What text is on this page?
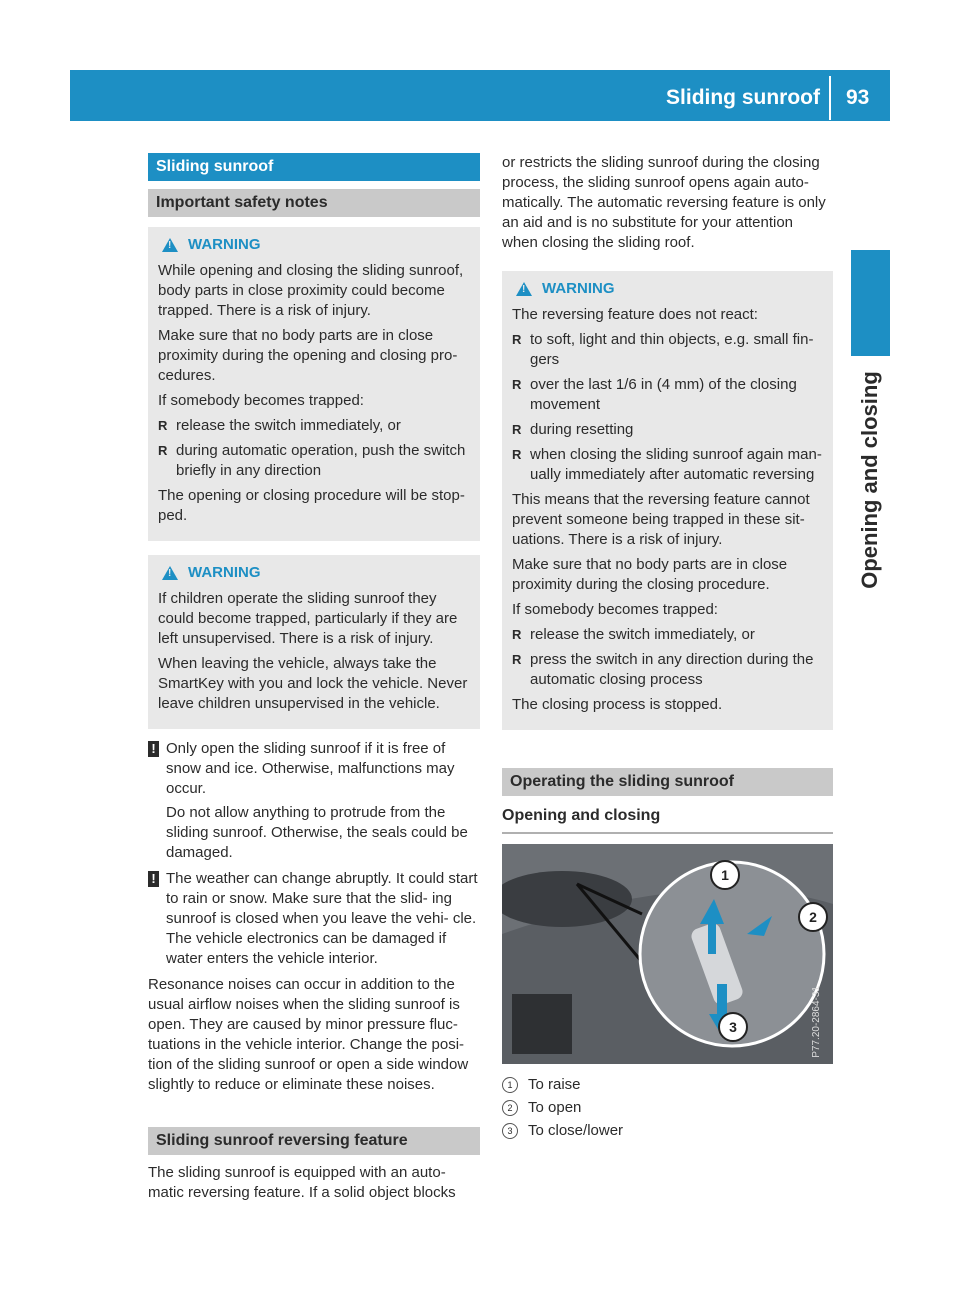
Sliding sunroof 93
Opening and closing
Sliding sunroof
Important safety notes
!
WARNING

While opening and closing the sliding sunroof, body parts in close proximity could become trapped. There is a risk of injury.

Make sure that no body parts are in close proximity during the opening and closing pro- cedures.

If somebody becomes trapped:

R release the switch immediately, or
R during automatic operation, push the switch briefly in any direction

The opening or closing procedure will be stop- ped.

!
WARNING

If children operate the sliding sunroof they could become trapped, particularly if they are left unsupervised. There is a risk of injury.

When leaving the vehicle, always take the SmartKey with you and lock the vehicle. Never leave children unsupervised in the vehicle.

! Only open the sliding sunroof if it is free of snow and ice. Otherwise, malfunctions may occur.

Do not allow anything to protrude from the sliding sunroof. Otherwise, the seals could be damaged.

! The weather can change abruptly. It could start to rain or snow. Make sure that the slid- ing sunroof is closed when you leave the vehi- cle. The vehicle electronics can be damaged if water enters the vehicle interior.

Resonance noises can occur in addition to the usual airflow noises when the sliding sunroof is open. They are caused by minor pressure fluc- tuations in the vehicle interior. Change the posi- tion of the sliding sunroof or open a side window slightly to reduce or eliminate these noises.

Sliding sunroof reversing feature

The sliding sunroof is equipped with an auto- matic reversing feature. If a solid object blocks

or restricts the sliding sunroof during the closing process, the sliding sunroof opens again auto- matically. The automatic reversing feature is only an aid and is no substitute for your attention when closing the sliding roof.

!
WARNING

The reversing feature does not react:

R to soft, light and thin objects, e.g. small fin- gers
R over the last 1/6 in (4 mm) of the closing movement
R during resetting
R when closing the sliding sunroof again man- ually immediately after automatic reversing

This means that the reversing feature cannot prevent someone being trapped in these sit- uations. There is a risk of injury.

Make sure that no body parts are in close proximity during the closing procedure.

If somebody becomes trapped:

R release the switch immediately, or
R press the switch in any direction during the automatic closing process

The closing process is stopped.

Operating the sliding sunroof
Opening and closing
1
2
3	P77.20-2864-31
1	To raise
2	To open
3	To close/lower
